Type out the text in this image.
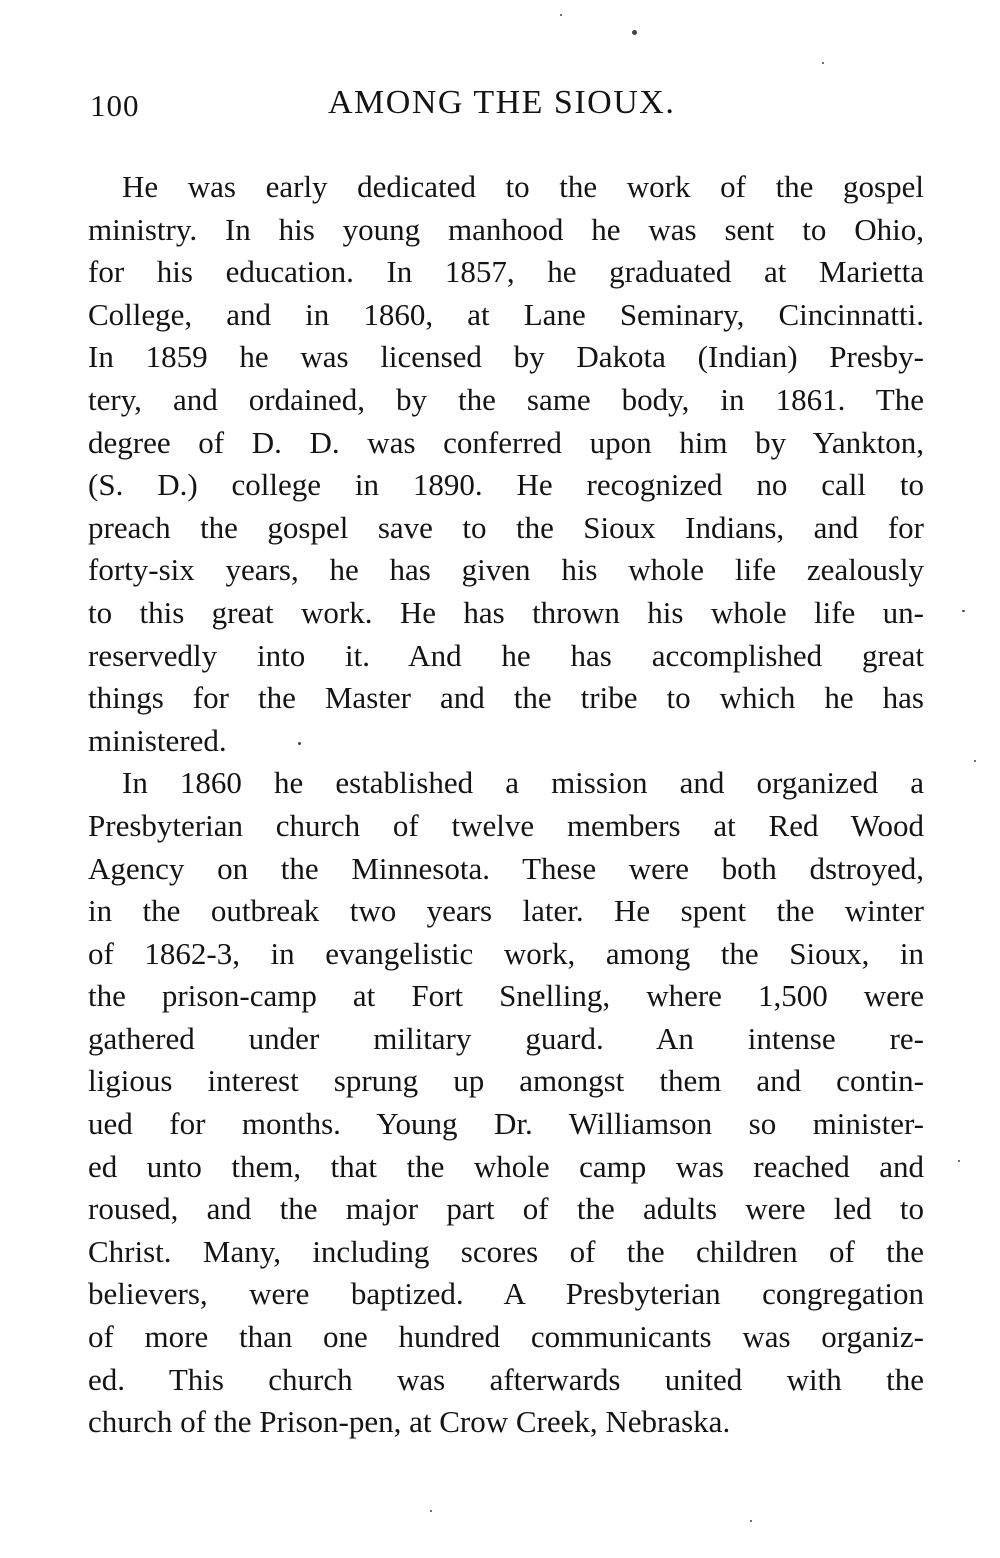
100	AMONG THE SIOUX.
He was early dedicated to the work of the gospel
ministry. In his young manhood he was sent to Ohio,
for his education. In 1857, he graduated at Marietta
College, and in 1860, at Lane Seminary, Cincinnatti.
In 1859 he was licensed by Dakota (Indian) Presby-
tery, and ordained, by the same body, in 1861. The
degree of D. D. was conferred upon him by Yankton,
(S. D.) college in 1890. He recognized no call to
preach the gospel save to the Sioux Indians, and for
forty-six years, he has given his whole life zealously
to this great work. He has thrown his whole life un-
reservedly into it. And he has accomplished great
things for the Master and the tribe to which he has
ministered.
In 1860 he established a mission and organized a
Presbyterian church of twelve members at Red Wood
Agency on the Minnesota. These were both dstroyed,
in the outbreak two years later. He spent the winter
of 1862-3, in evangelistic work, among the Sioux, in
the prison-camp at Fort Snelling, where 1,500 were
gathered under military guard. An intense re-
ligious interest sprung up amongst them and contin-
ued for months. Young Dr. Williamson so minister-
ed unto them, that the whole camp was reached and
roused, and the major part of the adults were led to
Christ. Many, including scores of the children of the
believers, were baptized. A Presbyterian congregation
of more than one hundred communicants was organiz-
ed. This church was afterwards united with the
church of the Prison-pen, at Crow Creek, Nebraska.
